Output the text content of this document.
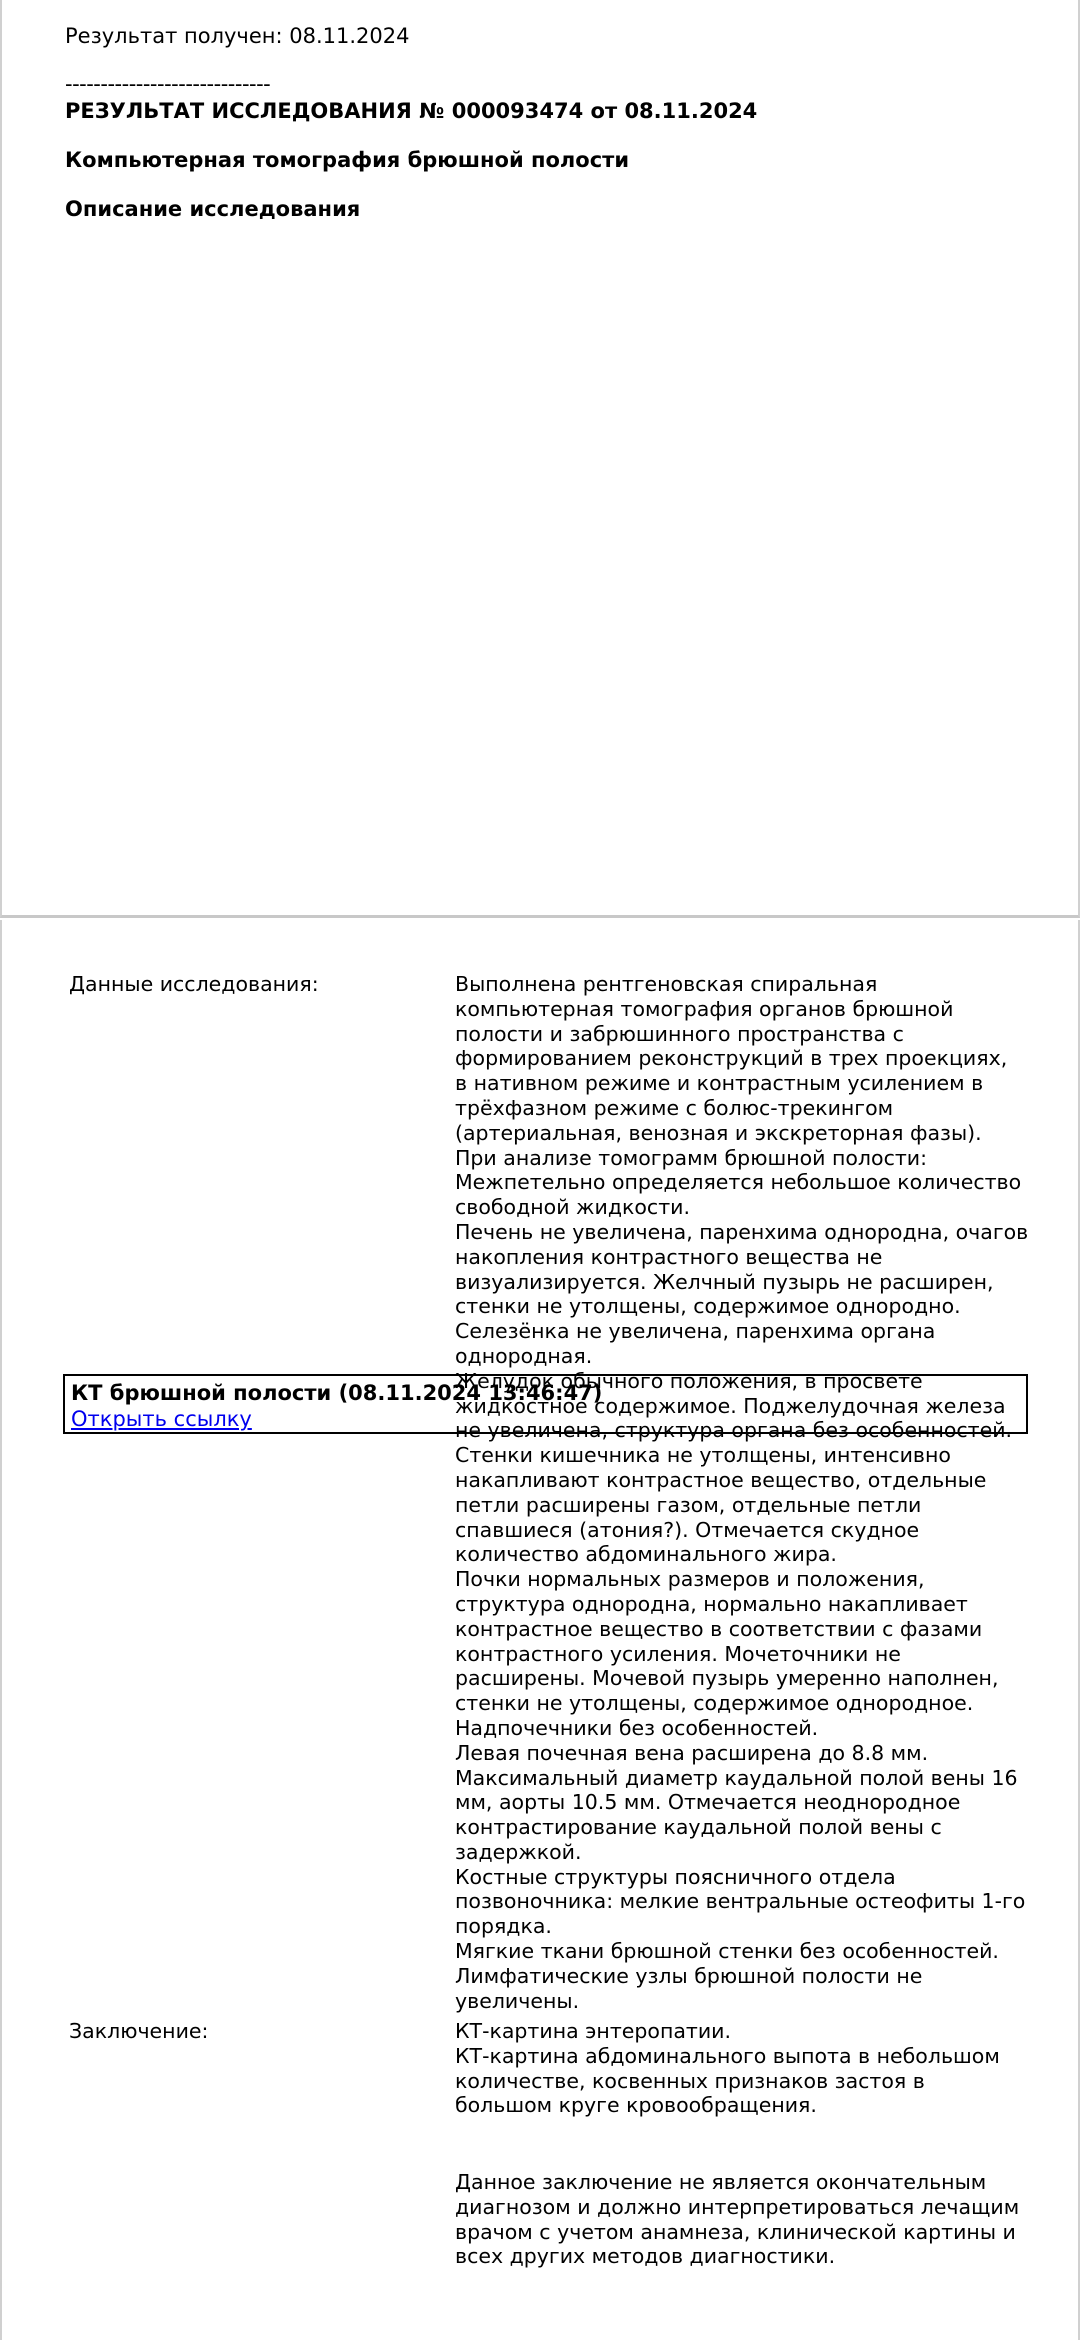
Результат получен: 08.11.2024
-----------------------------
РЕЗУЛЬТАТ ИССЛЕДОВАНИЯ № 000093474 от 08.11.2024
Компьютерная томография брюшной полости
Описание исследования
Данные исследования:	Выполнена рентгеновская спиральная
компьютерная томография органов брюшной
полости и забрюшинного пространства с
формированием реконструкций в трех проекциях,
в нативном режиме и контрастным усилением в
трёхфазном режиме с болюс-трекингом
(артериальная, венозная и экскреторная фазы).
При анализе томограмм брюшной полости:
Межпетельно определяется небольшое количество
свободной жидкости.
Печень не увеличена, паренхима однородна, очагов
накопления контрастного вещества не
визуализируется. Желчный пузырь не расширен,
стенки не утолщены, содержимое однородно.
Селезёнка не увеличена, паренхима органа
однородная.
Желудок обычного положения, в просвете
жидкостное содержимое. Поджелудочная железа
не увеличена, структура органа без особенностей.
Стенки кишечника не утолщены, интенсивно
накапливают контрастное вещество, отдельные
петли расширены газом, отдельные петли
спавшиеся (атония?). Отмечается скудное
количество абдоминального жира.
Почки нормальных размеров и положения,
структура однородна, нормально накапливает
контрастное вещество в соответствии с фазами
контрастного усиления. Мочеточники не
расширены. Мочевой пузырь умеренно наполнен,
стенки не утолщены, содержимое однородное.
Надпочечники без особенностей.
Левая почечная вена расширена до 8.8 мм.
Максимальный диаметр каудальной полой вены 16
мм, аорты 10.5 мм. Отмечается неоднородное
контрастирование каудальной полой вены с
задержкой.
Костные структуры поясничного отдела
позвоночника: мелкие вентральные остеофиты 1-го
порядка.
Мягкие ткани брюшной стенки без особенностей.
Лимфатические узлы брюшной полости не
увеличены.
Заключение:	КТ-картина энтеропатии.
КТ-картина абдоминального выпота в небольшом
количестве, косвенных признаков застоя в
большом круге кровообращения.
Данное заключение не является окончательным
диагнозом и должно интерпретироваться лечащим
врачом с учетом анамнеза, клинической картины и
всех других методов диагностики.
КТ брюшной полости (08.11.2024 13:46:47)
Открыть ссылку
